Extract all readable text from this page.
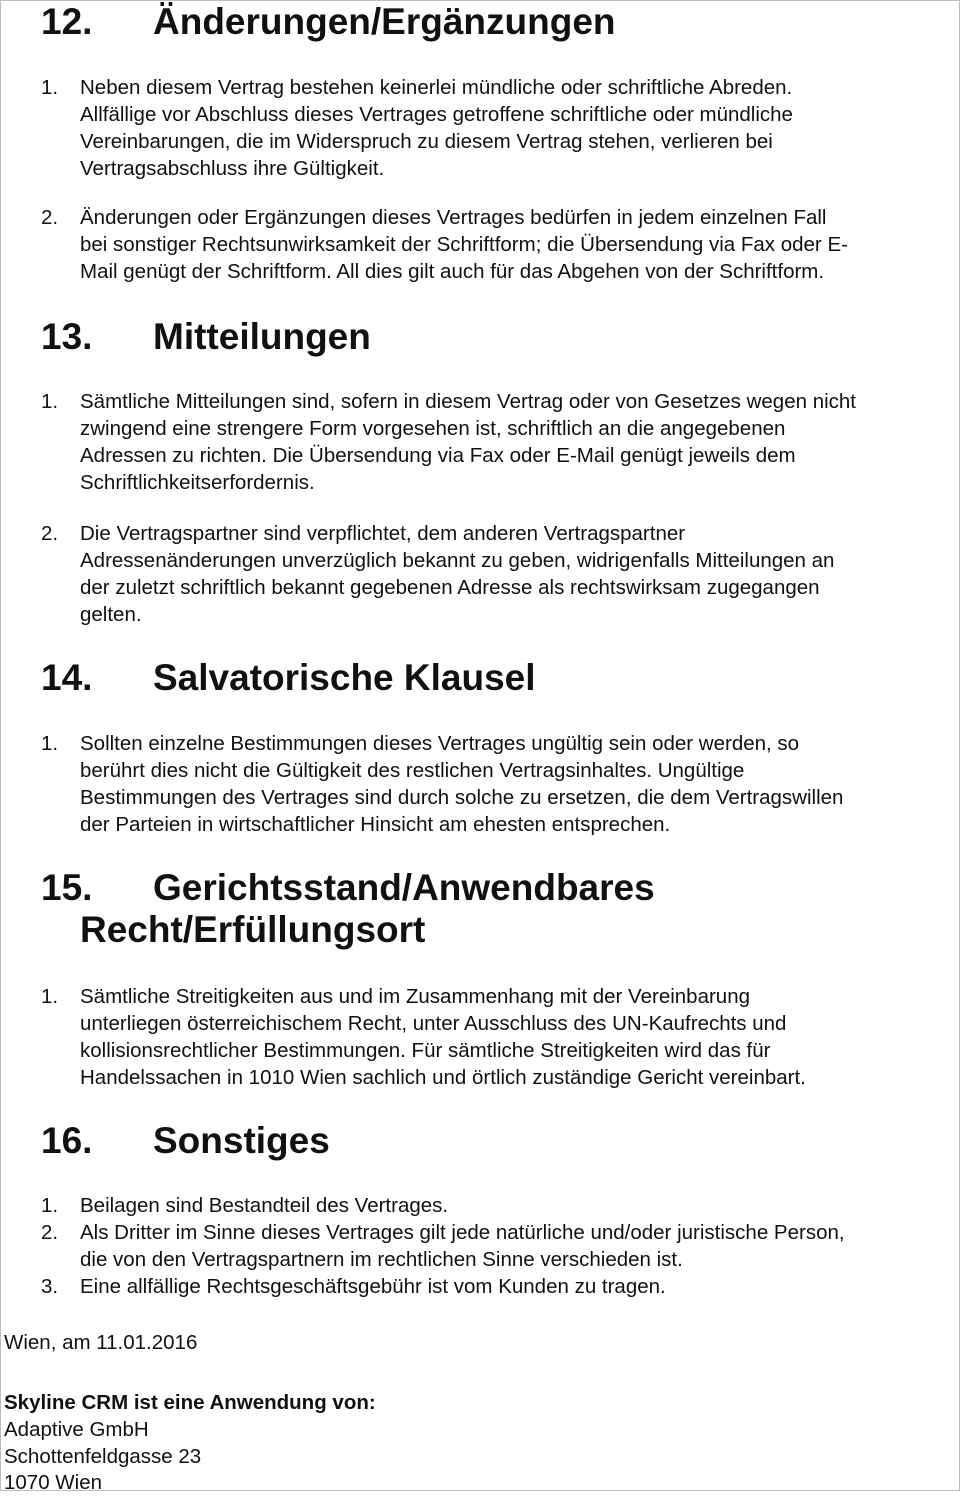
12. Änderungen/Ergänzungen
1. Neben diesem Vertrag bestehen keinerlei mündliche oder schriftliche Abreden.
Allfällige vor Abschluss dieses Vertrages getroffene schriftliche oder mündliche
Vereinbarungen, die im Widerspruch zu diesem Vertrag stehen, verlieren bei
Vertragsabschluss ihre Gültigkeit.
2. Änderungen oder Ergänzungen dieses Vertrages bedürfen in jedem einzelnen Fall
bei sonstiger Rechtsunwirksamkeit der Schriftform; die Übersendung via Fax oder E-
Mail genügt der Schriftform. All dies gilt auch für das Abgehen von der Schriftform.
13. Mitteilungen
1. Sämtliche Mitteilungen sind, sofern in diesem Vertrag oder von Gesetzes wegen nicht
zwingend eine strengere Form vorgesehen ist, schriftlich an die angegebenen
Adressen zu richten. Die Übersendung via Fax oder E-Mail genügt jeweils dem
Schriftlichkeitserfordernis.
2. Die Vertragspartner sind verpflichtet, dem anderen Vertragspartner
Adressenänderungen unverzüglich bekannt zu geben, widrigenfalls Mitteilungen an
der zuletzt schriftlich bekannt gegebenen Adresse als rechtswirksam zugegangen
gelten.
14. Salvatorische Klausel
1. Sollten einzelne Bestimmungen dieses Vertrages ungültig sein oder werden, so
berührt dies nicht die Gültigkeit des restlichen Vertragsinhaltes. Ungültige
Bestimmungen des Vertrages sind durch solche zu ersetzen, die dem Vertragswillen
der Parteien in wirtschaftlicher Hinsicht am ehesten entsprechen.
15. Gerichtsstand/Anwendbares
Recht/Erfüllungsort
1. Sämtliche Streitigkeiten aus und im Zusammenhang mit der Vereinbarung
unterliegen österreichischem Recht, unter Ausschluss des UN-Kaufrechts und
kollisionsrechtlicher Bestimmungen. Für sämtliche Streitigkeiten wird das für
Handelssachen in 1010 Wien sachlich und örtlich zuständige Gericht vereinbart.
16. Sonstiges
1. Beilagen sind Bestandteil des Vertrages.
2. Als Dritter im Sinne dieses Vertrages gilt jede natürliche und/oder juristische Person,
die von den Vertragspartnern im rechtlichen Sinne verschieden ist.
3. Eine allfällige Rechtsgeschäftsgebühr ist vom Kunden zu tragen.
Wien, am 11.01.2016
Skyline CRM ist eine Anwendung von:
Adaptive GmbH
Schottenfeldgasse 23
1070 Wien
